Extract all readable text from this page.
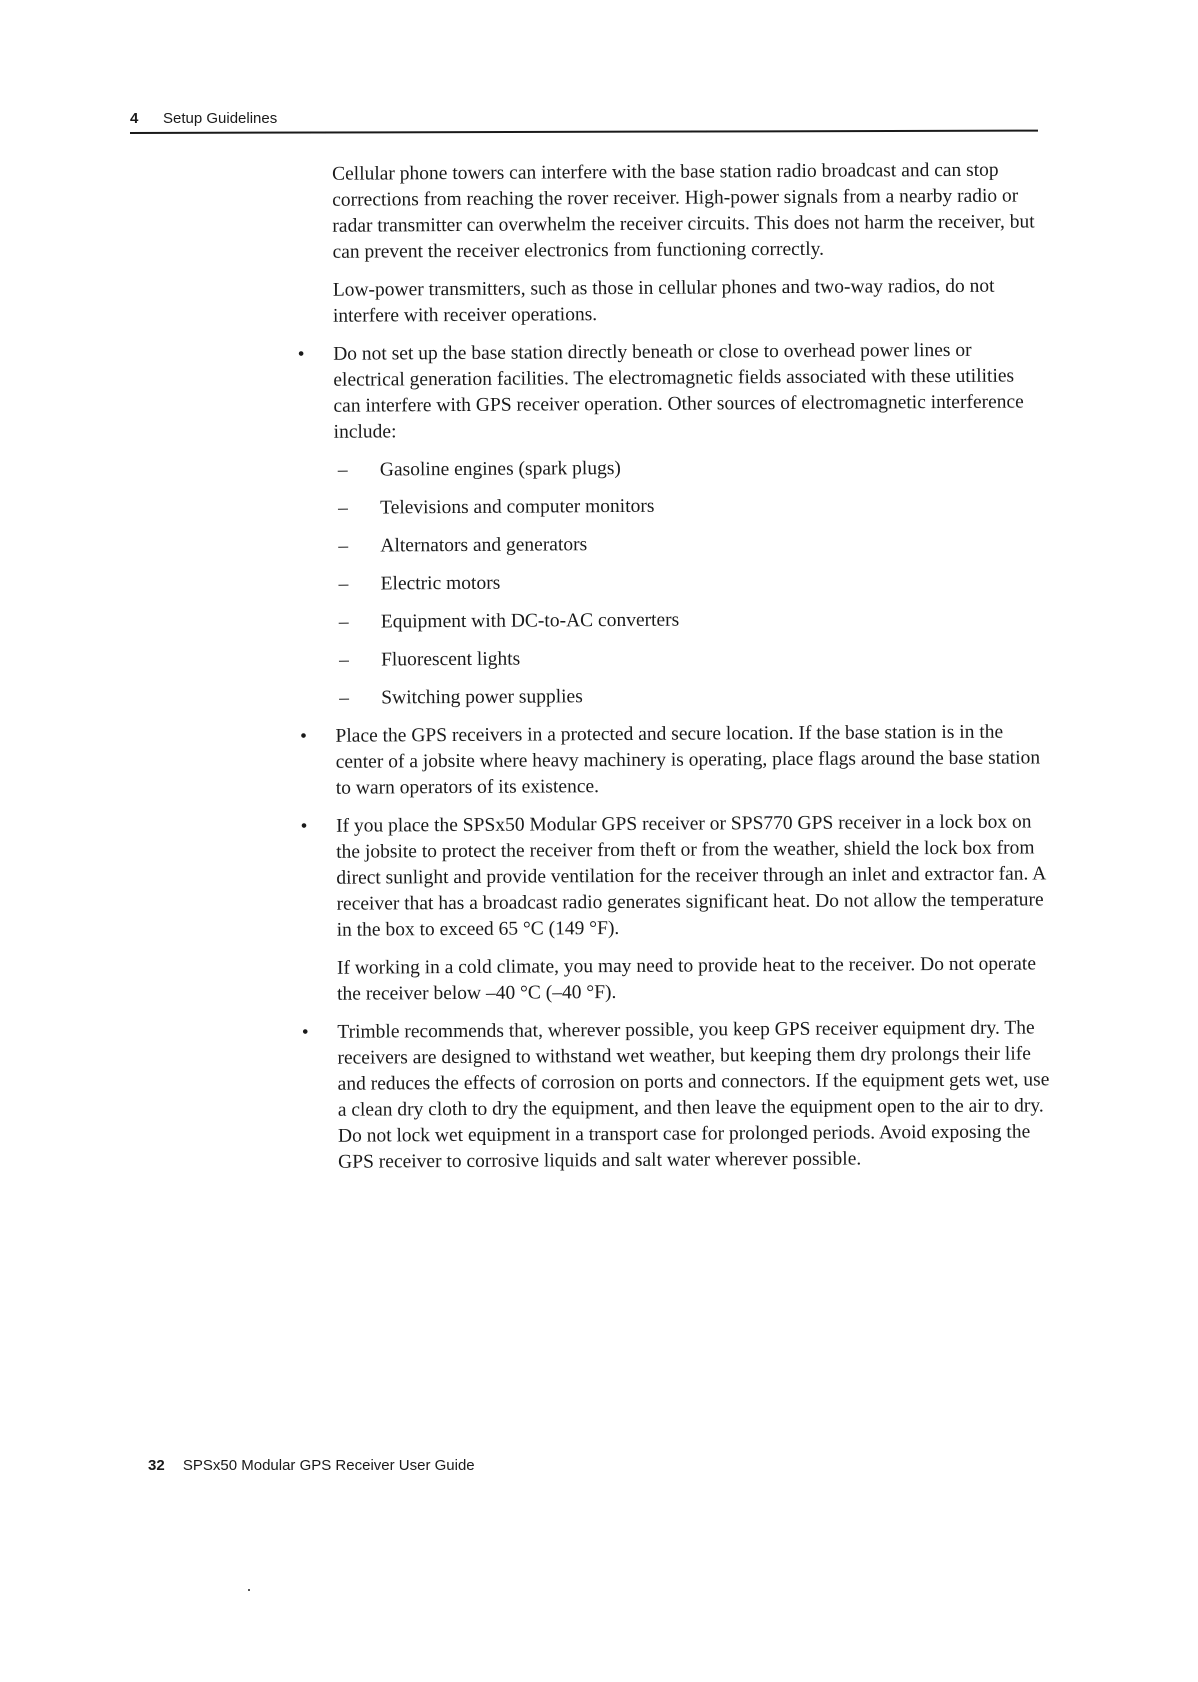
4 Setup Guidelines

Cellular phone towers can interfere with the base station radio broadcast and can stop corrections from reaching the rover receiver. High-power signals from a nearby radio or radar transmitter can overwhelm the receiver circuits. This does not harm the receiver, but can prevent the receiver electronics from functioning correctly.

Low-power transmitters, such as those in cellular phones and two-way radios, do not interfere with receiver operations.

•	Do not set up the base station directly beneath or close to overhead power lines or electrical generation facilities. The electromagnetic fields associated with these utilities can interfere with GPS receiver operation. Other sources of electromagnetic interference include:
– Gasoline engines (spark plugs)
– Televisions and computer monitors
– Alternators and generators
– Electric motors
– Equipment with DC-to-AC converters
– Fluorescent lights
– Switching power supplies
•	Place the GPS receivers in a protected and secure location. If the base station is in the center of a jobsite where heavy machinery is operating, place flags around the base station to warn operators of its existence.
•	If you place the SPSx50 Modular GPS receiver or SPS770 GPS receiver in a lock box on the jobsite to protect the receiver from theft or from the weather, shield the lock box from direct sunlight and provide ventilation for the receiver through an inlet and extractor fan. A receiver that has a broadcast radio generates significant heat. Do not allow the temperature in the box to exceed 65 °C (149 °F).
If working in a cold climate, you may need to provide heat to the receiver. Do not operate the receiver below –40 °C (–40 °F).
•	Trimble recommends that, wherever possible, you keep GPS receiver equipment dry. The receivers are designed to withstand wet weather, but keeping them dry prolongs their life and reduces the effects of corrosion on ports and connectors. If the equipment gets wet, use a clean dry cloth to dry the equipment, and then leave the equipment open to the air to dry. Do not lock wet equipment in a transport case for prolonged periods. Avoid exposing the GPS receiver to corrosive liquids and salt water wherever possible.
32 SPSx50 Modular GPS Receiver User Guide
